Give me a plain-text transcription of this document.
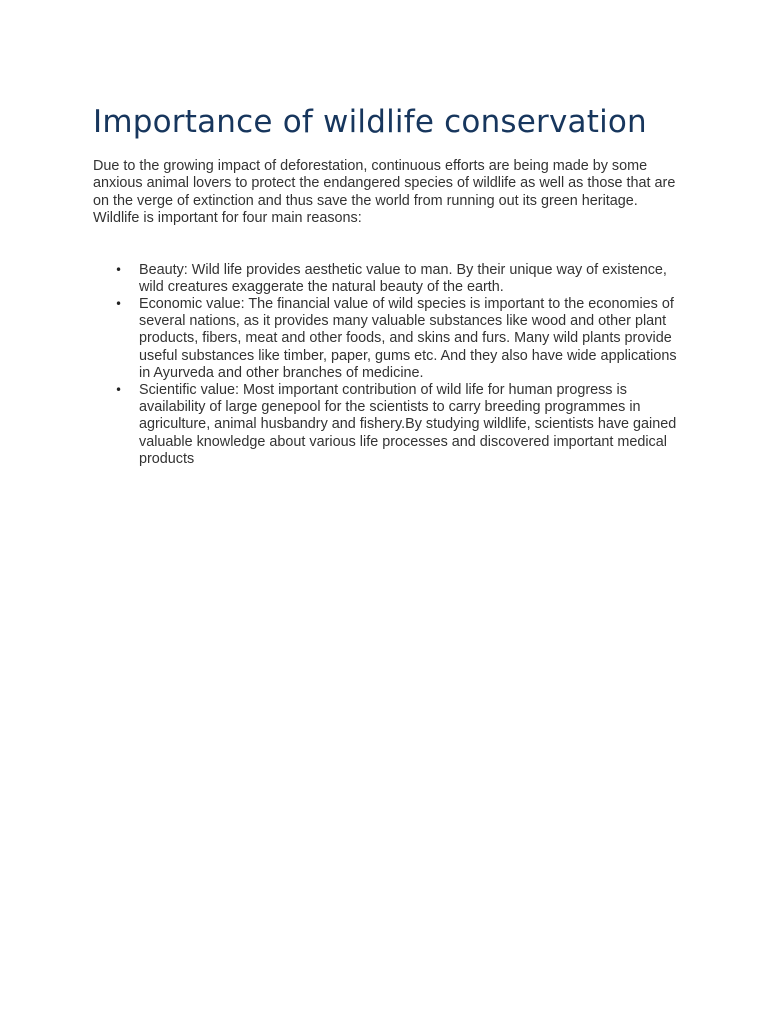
Importance of wildlife conservation

Due to the growing impact of deforestation, continuous efforts are being made by some anxious animal lovers to protect the endangered species of wildlife as well as those that are on the verge of extinction and thus save the world from running out its green heritage. Wildlife is important for four main reasons:

• Beauty: Wild life provides aesthetic value to man. By their unique way of existence, wild creatures exaggerate the natural beauty of the earth.
• Economic value: The financial value of wild species is important to the economies of several nations, as it provides many valuable substances like wood and other plant products, fibers, meat and other foods, and skins and furs. Many wild plants provide useful substances like timber, paper, gums etc. And they also have wide applications in Ayurveda and other branches of medicine.
• Scientific value: Most important contribution of wild life for human progress is availability of large genepool for the scientists to carry breeding programmes in agriculture, animal husbandry and fishery.By studying wildlife, scientists have gained valuable knowledge about various life processes and discovered important medical products
